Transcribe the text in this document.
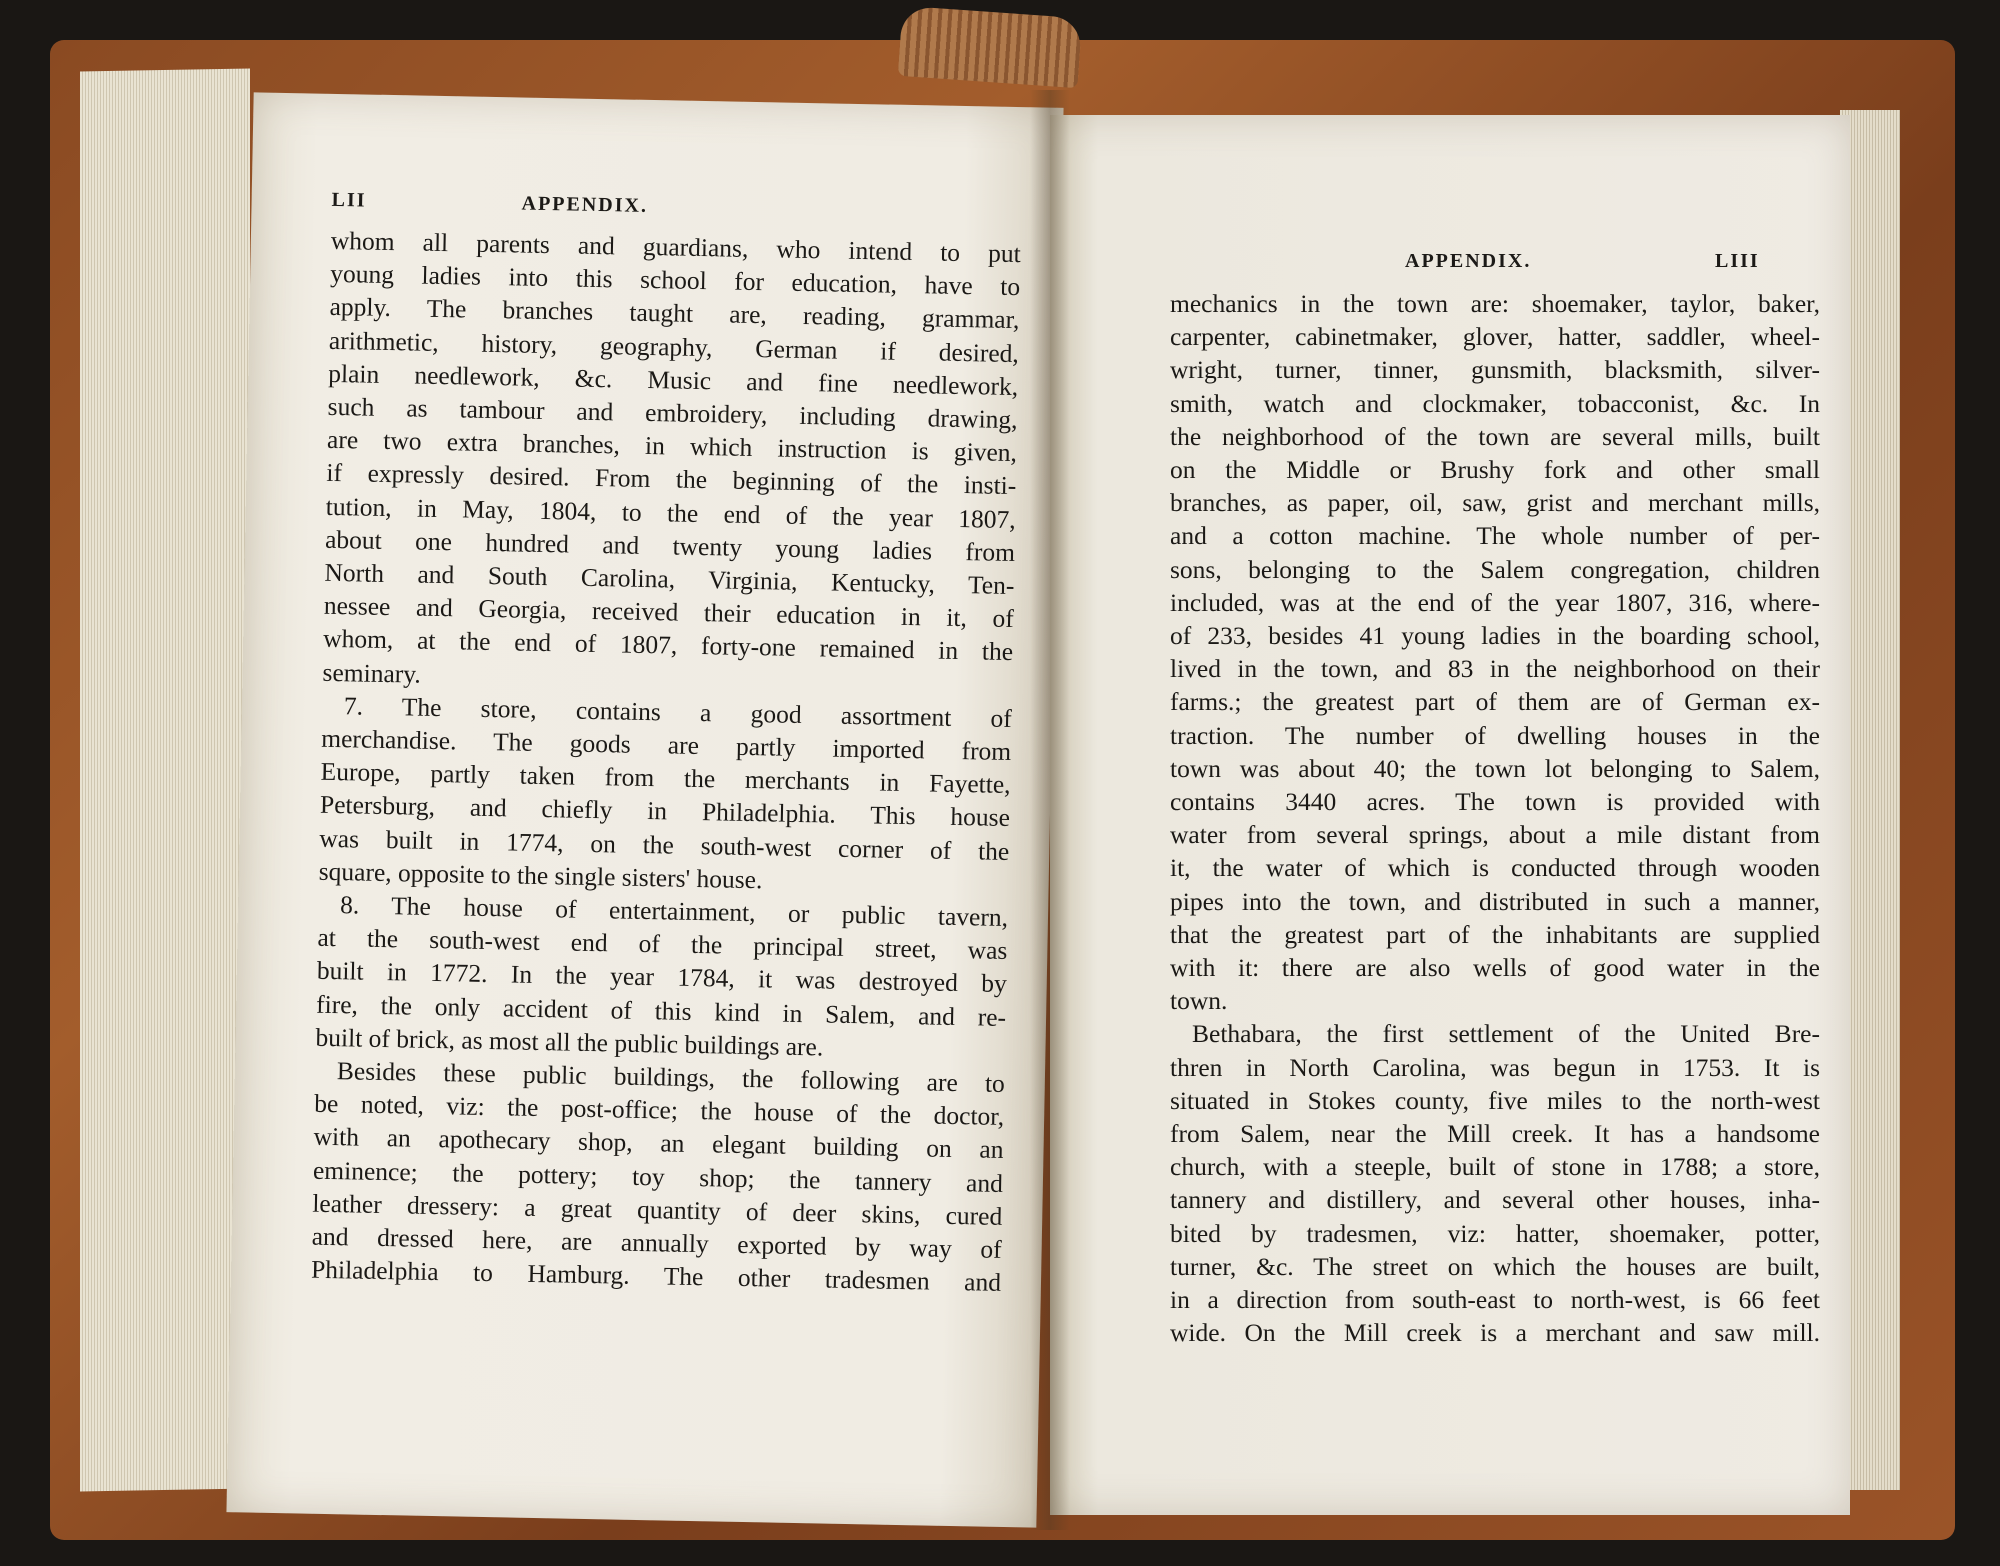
LII	APPENDIX.
whom all parents and guardians, who intend to put
young ladies into this school for education, have to
apply. The branches taught are, reading, grammar,
arithmetic, history, geography, German if desired,
plain needlework, &c. Music and fine needlework,
such as tambour and embroidery, including drawing,
are two extra branches, in which instruction is given,
if expressly desired. From the beginning of the insti-
tution, in May, 1804, to the end of the year 1807,
about one hundred and twenty young ladies from
North and South Carolina, Virginia, Kentucky, Ten-
nessee and Georgia, received their education in it, of
whom, at the end of 1807, forty-one remained in the
seminary.
7. The store, contains a good assortment of
merchandise. The goods are partly imported from
Europe, partly taken from the merchants in Fayette,
Petersburg, and chiefly in Philadelphia. This house
was built in 1774, on the south-west corner of the
square, opposite to the single sisters' house.
8. The house of entertainment, or public tavern,
at the south-west end of the principal street, was
built in 1772. In the year 1784, it was destroyed by
fire, the only accident of this kind in Salem, and re-
built of brick, as most all the public buildings are.
Besides these public buildings, the following are to
be noted, viz: the post-office; the house of the doctor,
with an apothecary shop, an elegant building on an
eminence; the pottery; toy shop; the tannery and
leather dressery: a great quantity of deer skins, cured
and dressed here, are annually exported by way of
Philadelphia to Hamburg. The other tradesmen and
APPENDIX.	LIII
mechanics in the town are: shoemaker, taylor, baker,
carpenter, cabinetmaker, glover, hatter, saddler, wheel-
wright, turner, tinner, gunsmith, blacksmith, silver-
smith, watch and clockmaker, tobacconist, &c. In
the neighborhood of the town are several mills, built
on the Middle or Brushy fork and other small
branches, as paper, oil, saw, grist and merchant mills,
and a cotton machine. The whole number of per-
sons, belonging to the Salem congregation, children
included, was at the end of the year 1807, 316, where-
of 233, besides 41 young ladies in the boarding school,
lived in the town, and 83 in the neighborhood on their
farms.; the greatest part of them are of German ex-
traction. The number of dwelling houses in the
town was about 40; the town lot belonging to Salem,
contains 3440 acres. The town is provided with
water from several springs, about a mile distant from
it, the water of which is conducted through wooden
pipes into the town, and distributed in such a manner,
that the greatest part of the inhabitants are supplied
with it: there are also wells of good water in the
town.
Bethabara, the first settlement of the United Bre-
thren in North Carolina, was begun in 1753. It is
situated in Stokes county, five miles to the north-west
from Salem, near the Mill creek. It has a handsome
church, with a steeple, built of stone in 1788; a store,
tannery and distillery, and several other houses, inha-
bited by tradesmen, viz: hatter, shoemaker, potter,
turner, &c. The street on which the houses are built,
in a direction from south-east to north-west, is 66 feet
wide. On the Mill creek is a merchant and saw mill.
